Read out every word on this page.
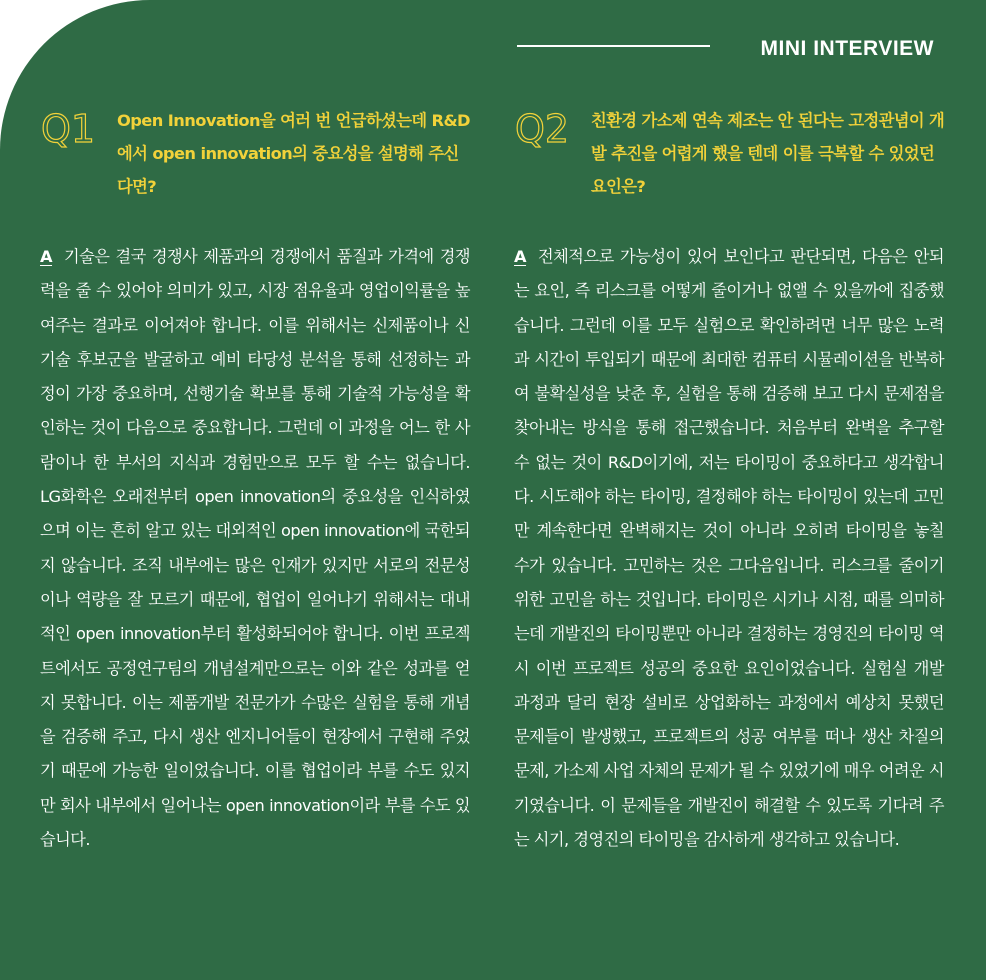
MINI INTERVIEW
Q1 Open Innovation을 여러 번 언급하셨는데 R&D에서 open innovation의 중요성을 설명해 주신다면?
A 기술은 결국 경쟁사 제품과의 경쟁에서 품질과 가격에 경쟁력을 줄 수 있어야 의미가 있고, 시장 점유율과 영업이익률을 높여주는 결과로 이어져야 합니다. 이를 위해서는 신제품이나 신기술 후보군을 발굴하고 예비 타당성 분석을 통해 선정하는 과정이 가장 중요하며, 선행기술 확보를 통해 기술적 가능성을 확인하는 것이 다음으로 중요합니다. 그런데 이 과정을 어느 한 사람이나 한 부서의 지식과 경험만으로 모두 할 수는 없습니다. LG화학은 오래전부터 open innovation의 중요성을 인식하였으며 이는 흔히 알고 있는 대외적인 open innovation에 국한되지 않습니다. 조직 내부에는 많은 인재가 있지만 서로의 전문성이나 역량을 잘 모르기 때문에, 협업이 일어나기 위해서는 대내적인 open innovation부터 활성화되어야 합니다. 이번 프로젝트에서도 공정연구팀의 개념설계만으로는 이와 같은 성과를 얻지 못합니다. 이는 제품개발 전문가가 수많은 실험을 통해 개념을 검증해 주고, 다시 생산 엔지니어들이 현장에서 구현해 주었기 때문에 가능한 일이었습니다. 이를 협업이라 부를 수도 있지만 회사 내부에서 일어나는 open innovation이라 부를 수도 있습니다.
Q2 친환경 가소제 연속 제조는 안 된다는 고정관념이 개발 추진을 어렵게 했을 텐데 이를 극복할 수 있었던 요인은?
A 전체적으로 가능성이 있어 보인다고 판단되면, 다음은 안되는 요인, 즉 리스크를 어떻게 줄이거나 없앨 수 있을까에 집중했습니다. 그런데 이를 모두 실험으로 확인하려면 너무 많은 노력과 시간이 투입되기 때문에 최대한 컴퓨터 시뮬레이션을 반복하여 불확실성을 낮춘 후, 실험을 통해 검증해 보고 다시 문제점을 찾아내는 방식을 통해 접근했습니다. 처음부터 완벽을 추구할 수 없는 것이 R&D이기에, 저는 타이밍이 중요하다고 생각합니다. 시도해야 하는 타이밍, 결정해야 하는 타이밍이 있는데 고민만 계속한다면 완벽해지는 것이 아니라 오히려 타이밍을 놓칠 수가 있습니다. 고민하는 것은 그다음입니다. 리스크를 줄이기 위한 고민을 하는 것입니다. 타이밍은 시기나 시점, 때를 의미하는데 개발진의 타이밍뿐만 아니라 결정하는 경영진의 타이밍 역시 이번 프로젝트 성공의 중요한 요인이었습니다. 실험실 개발 과정과 달리 현장 설비로 상업화하는 과정에서 예상치 못했던 문제들이 발생했고, 프로젝트의 성공 여부를 떠나 생산 차질의 문제, 가소제 사업 자체의 문제가 될 수 있었기에 매우 어려운 시기였습니다. 이 문제들을 개발진이 해결할 수 있도록 기다려 주는 시기, 경영진의 타이밍을 감사하게 생각하고 있습니다.
